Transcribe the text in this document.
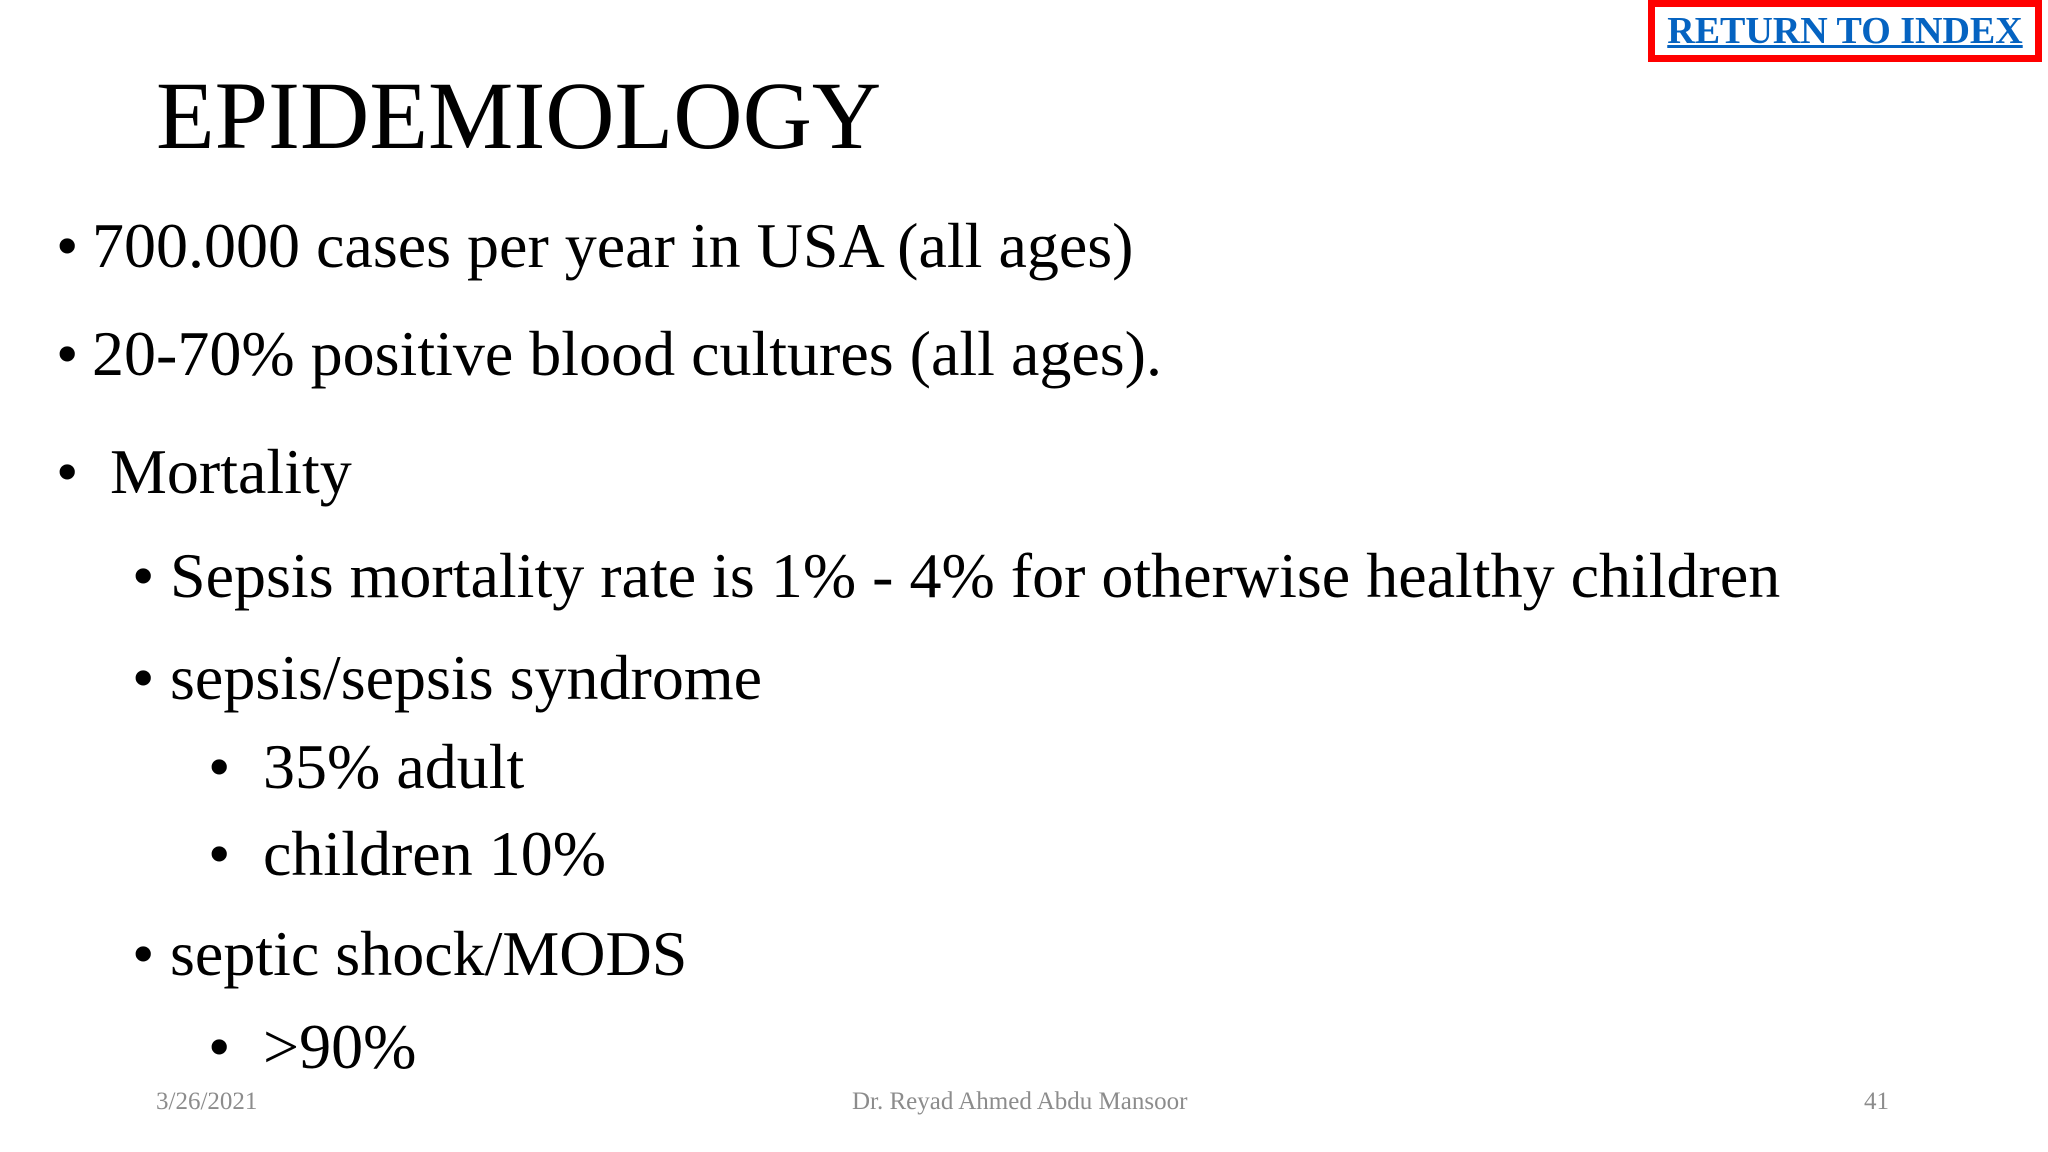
RETURN TO INDEX
EPIDEMIOLOGY
• 700.000 cases per year in USA (all ages)
• 20-70% positive blood cultures (all ages).
• Mortality
• Sepsis mortality rate is 1% - 4% for otherwise healthy children
• sepsis/sepsis syndrome
• 35% adult
• children 10%
• septic shock/MODS
• >90%
3/26/2021	Dr. Reyad Ahmed Abdu Mansoor	41
